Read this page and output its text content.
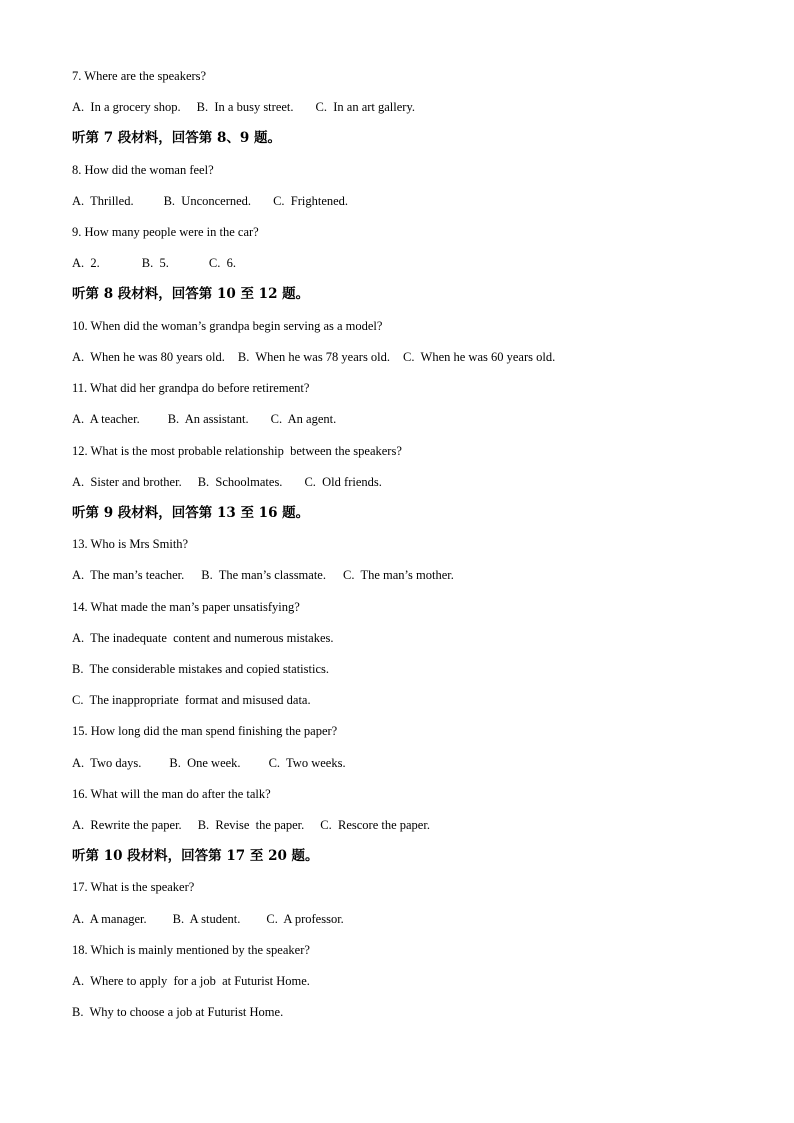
7. Where are the speakers?

A.  In a grocery shop. B.  In a busy street. C.  In an art gallery.

听第 7 段材料，回答第 8、9 题。

8. How did the woman feel?

A.  Thrilled. B.  Unconcerned. C.  Frightened.

9. How many people were in the car?

A.  2.	B.  5.	C.  6.

听第 8 段材料，回答第 10 至 12 题。

10. When did the woman’s grandpa begin serving as a model?

A.  When he was 80 years old. B.  When he was 78 years old. C.  When he was 60 years old.

11. What did her grandpa do before retirement?

A.  A teacher. B.  An assistant. C.  An agent.

12. What is the most probable relationship  between the speakers?

A.  Sister and brother. B.  Schoolmates. C.  Old friends.

听第 9 段材料，回答第 13 至 16 题。

13. Who is Mrs Smith?

A.  The man’s teacher. B.  The man’s classmate. C.  The man’s mother.

14. What made the man’s paper unsatisfying?

A.  The inadequate  content and numerous mistakes.

B.  The considerable mistakes and copied statistics.

C.  The inappropriate  format and misused data.

15. How long did the man spend finishing the paper?

A.  Two days. B.  One week. C.  Two weeks.

16. What will the man do after the talk?

A.  Rewrite the paper. B.  Revise  the paper. C.  Rescore the paper.

听第 10 段材料，回答第 17 至 20 题。

17. What is the speaker?

A.  A manager. B.  A student. C.  A professor.

18. Which is mainly mentioned by the speaker?

A.  Where to apply  for a job  at Futurist Home.

B.  Why to choose a job at Futurist Home.
